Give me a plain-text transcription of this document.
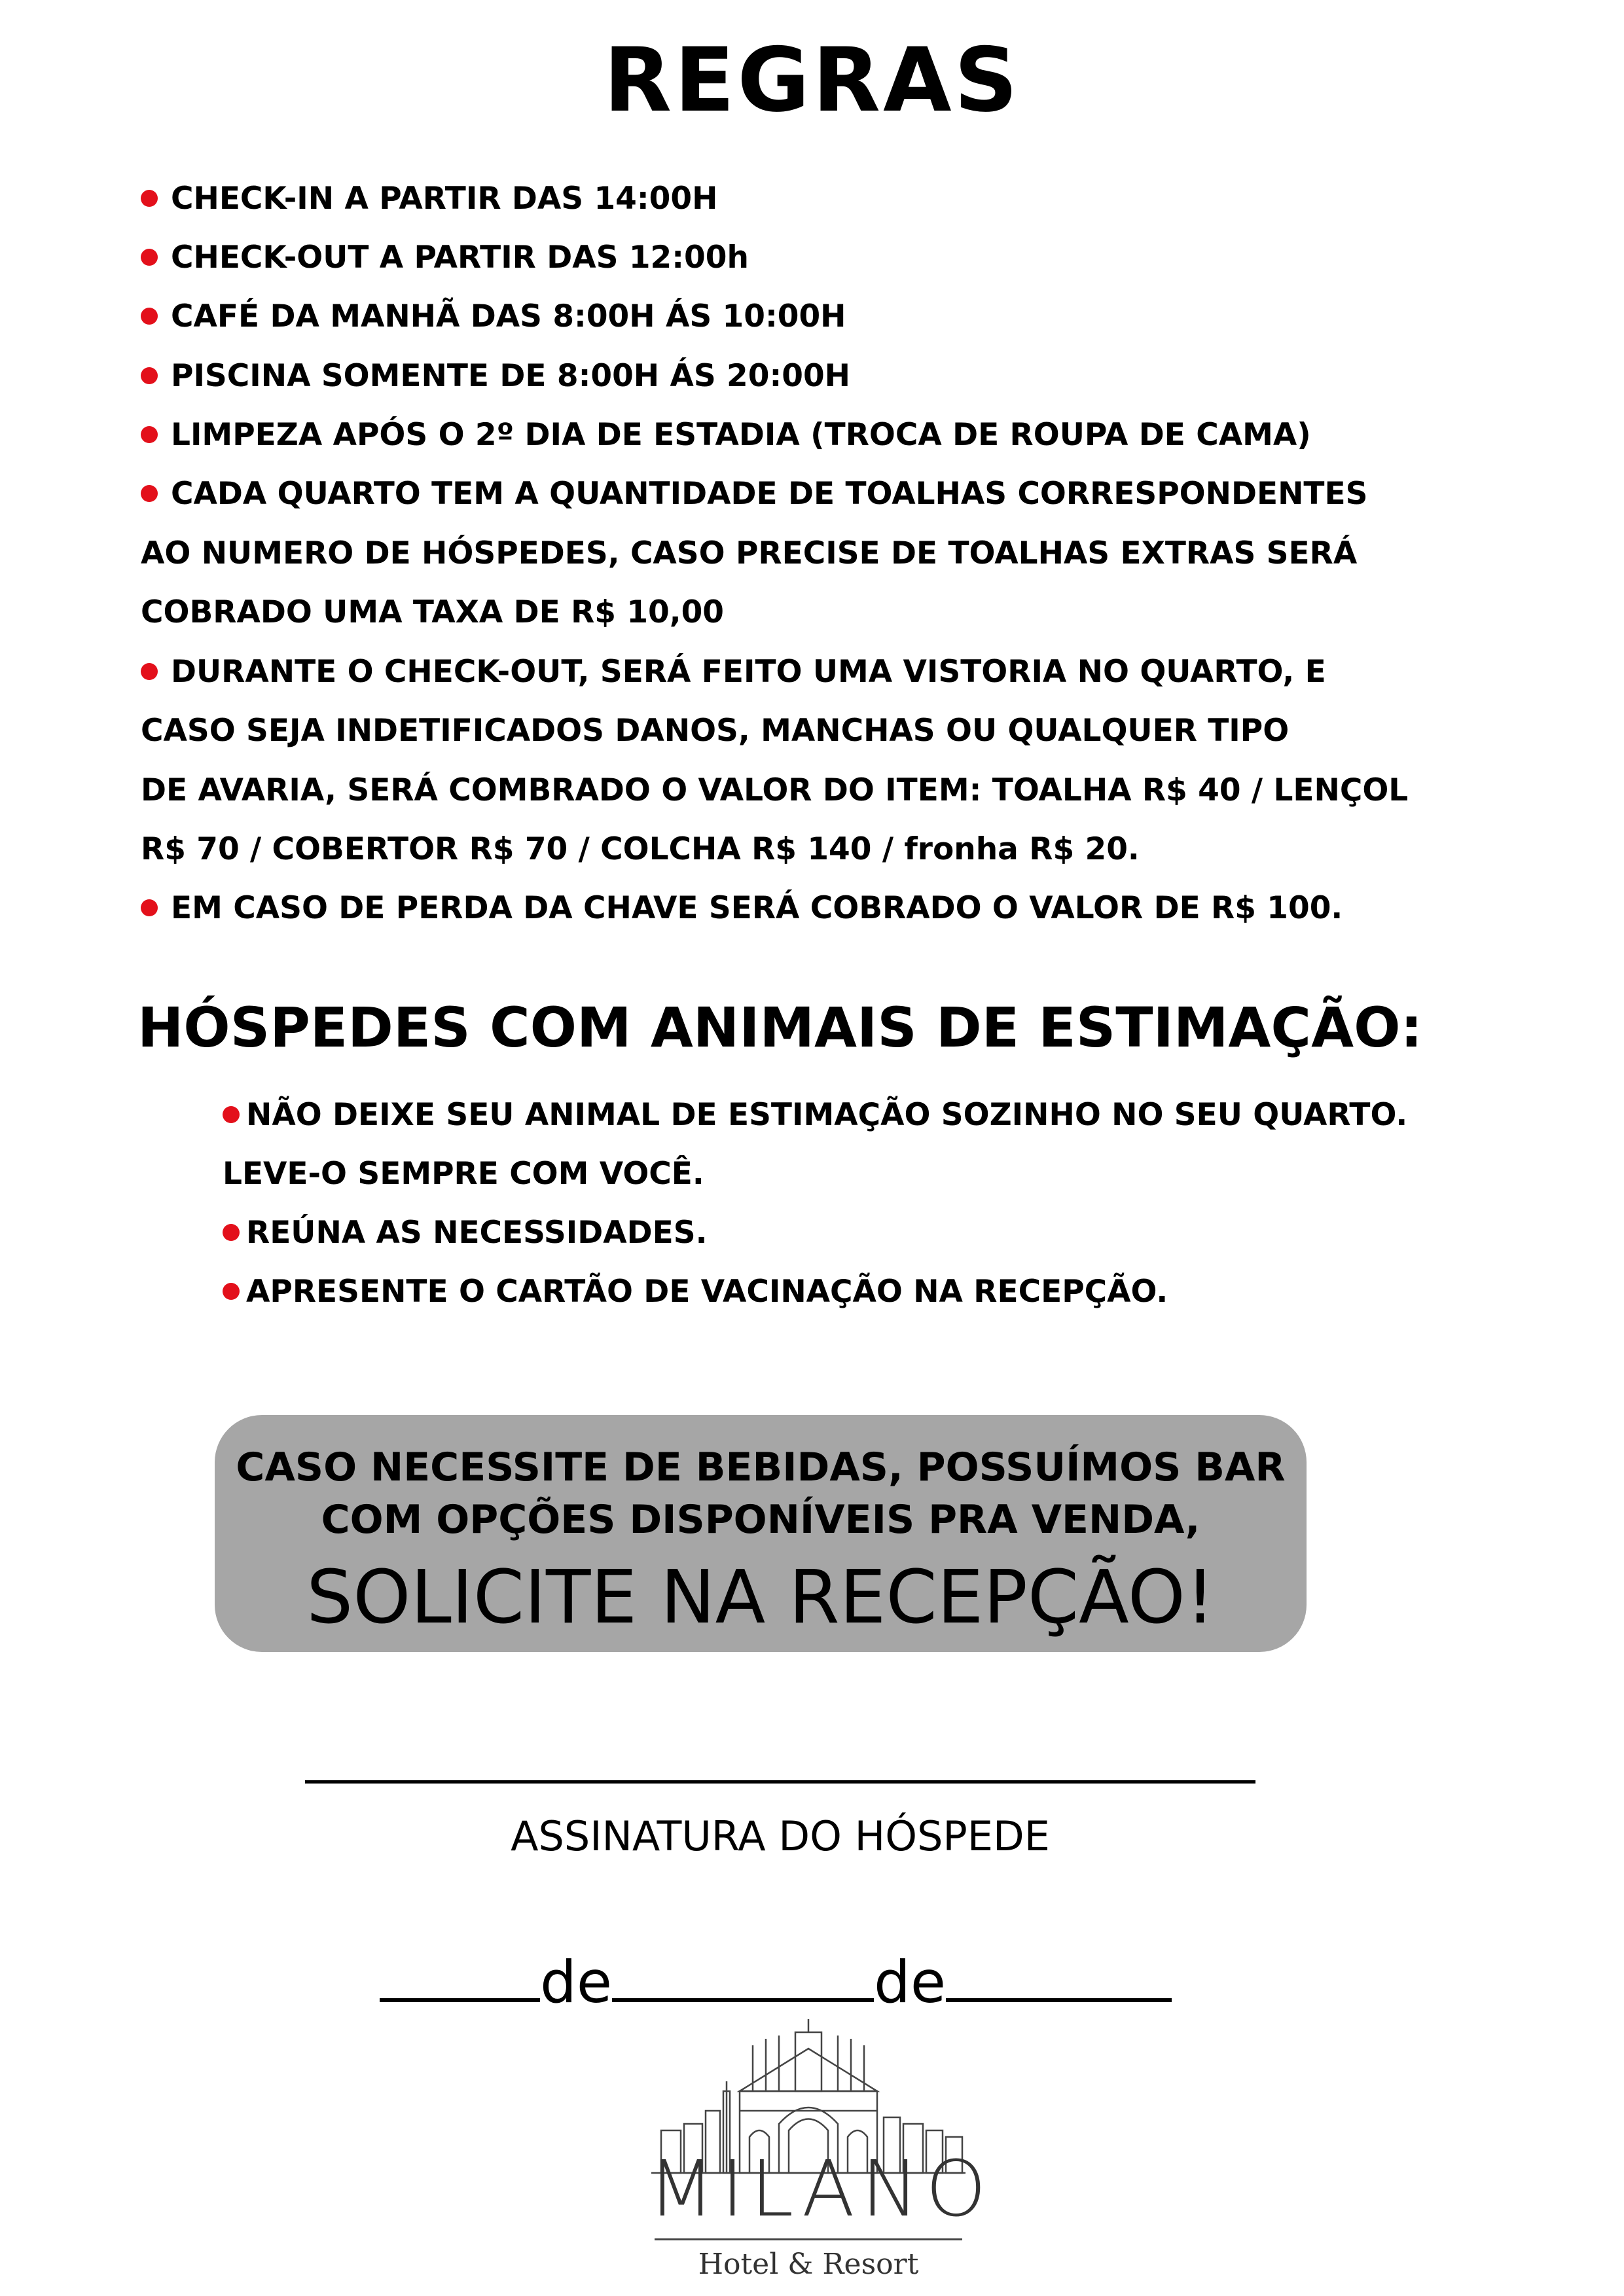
REGRAS
CHECK-IN A PARTIR DAS 14:00H
CHECK-OUT A PARTIR DAS 12:00h
CAFÉ DA MANHÃ DAS 8:00H ÁS 10:00H
PISCINA SOMENTE DE 8:00H ÁS 20:00H
LIMPEZA APÓS O 2º DIA DE ESTADIA (TROCA DE ROUPA DE CAMA)
CADA QUARTO TEM A QUANTIDADE DE TOALHAS CORRESPONDENTES
AO NUMERO DE HÓSPEDES, CASO PRECISE DE TOALHAS EXTRAS SERÁ
COBRADO UMA TAXA DE R$ 10,00
DURANTE O CHECK-OUT, SERÁ FEITO UMA VISTORIA NO QUARTO, E
CASO SEJA INDETIFICADOS DANOS, MANCHAS OU QUALQUER TIPO
DE AVARIA, SERÁ COMBRADO O VALOR DO ITEM: TOALHA R$ 40 / LENÇOL
R$ 70 / COBERTOR R$ 70 / COLCHA R$ 140 / fronha R$ 20.
EM CASO DE PERDA DA CHAVE SERÁ COBRADO O VALOR DE R$ 100.
HÓSPEDES COM ANIMAIS DE ESTIMAÇÃO:
NÃO DEIXE SEU ANIMAL DE ESTIMAÇÃO SOZINHO NO SEU QUARTO.
LEVE-O SEMPRE COM VOCÊ.
REÚNA AS NECESSIDADES.
APRESENTE O CARTÃO DE VACINAÇÃO NA RECEPÇÃO.
CASO NECESSITE DE BEBIDAS, POSSUÍMOS BAR
COM OPÇÕES DISPONÍVEIS PRA VENDA,
SOLICITE NA RECEPÇÃO!
ASSINATURA DO HÓSPEDE
de	de
MILANO
Hotel & Resort
